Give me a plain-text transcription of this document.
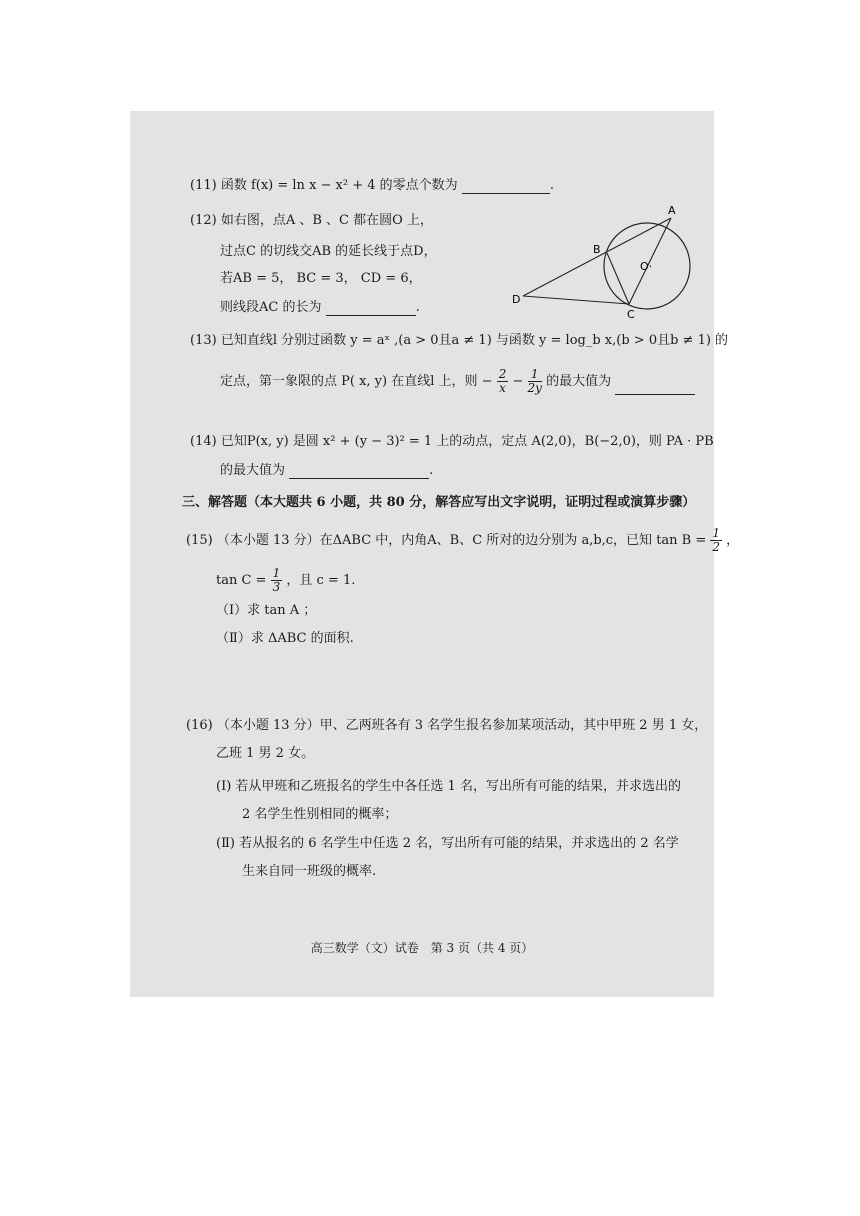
(11) 函数 f(x) = ln x − x² + 4 的零点个数为	.
(12) 如右图，点A 、B 、C 都在圆O 上，
过点C 的切线交AB 的延长线于点D，
若AB = 5， BC = 3， CD = 6，
则线段AC 的长为	.
A
B
C
D
O·
(13) 已知直线l 分别过函数 y = aˣ ,(a > 0且a ≠ 1) 与函数 y = log_b x,(b > 0且b ≠ 1) 的
定点，第一象限的点 P( x, y) 在直线l 上，则 − $\frac{2}{x} - \frac{1}{2y}$ 的最大值为
(14) 已知P(x, y) 是圆 x² + (y − 3)² = 1 上的动点，定点 A(2,0)，B(−2,0)，则 PA · PB
的最大值为	.
三、解答题（本大题共 6 小题，共 80 分，解答应写出文字说明，证明过程或演算步骤）
(15) （本小题 13 分）在ΔABC 中，内角A、B、C 所对的边分别为 a,b,c，已知 $\tan B = \frac{1}{2}$ ，
$\tan C = \frac{1}{3}$ ，且 c = 1.
（Ⅰ）求 tan A ；
（Ⅱ）求 ΔABC 的面积.
(16) （本小题 13 分）甲、乙两班各有 3 名学生报名参加某项活动，其中甲班 2 男 1 女，
乙班 1 男 2 女。
(Ⅰ) 若从甲班和乙班报名的学生中各任选 1 名，写出所有可能的结果，并求选出的
2 名学生性别相同的概率；
(Ⅱ) 若从报名的 6 名学生中任选 2 名，写出所有可能的结果，并求选出的 2 名学
生来自同一班级的概率.
高三数学（文）试卷　第 3 页（共 4 页）
